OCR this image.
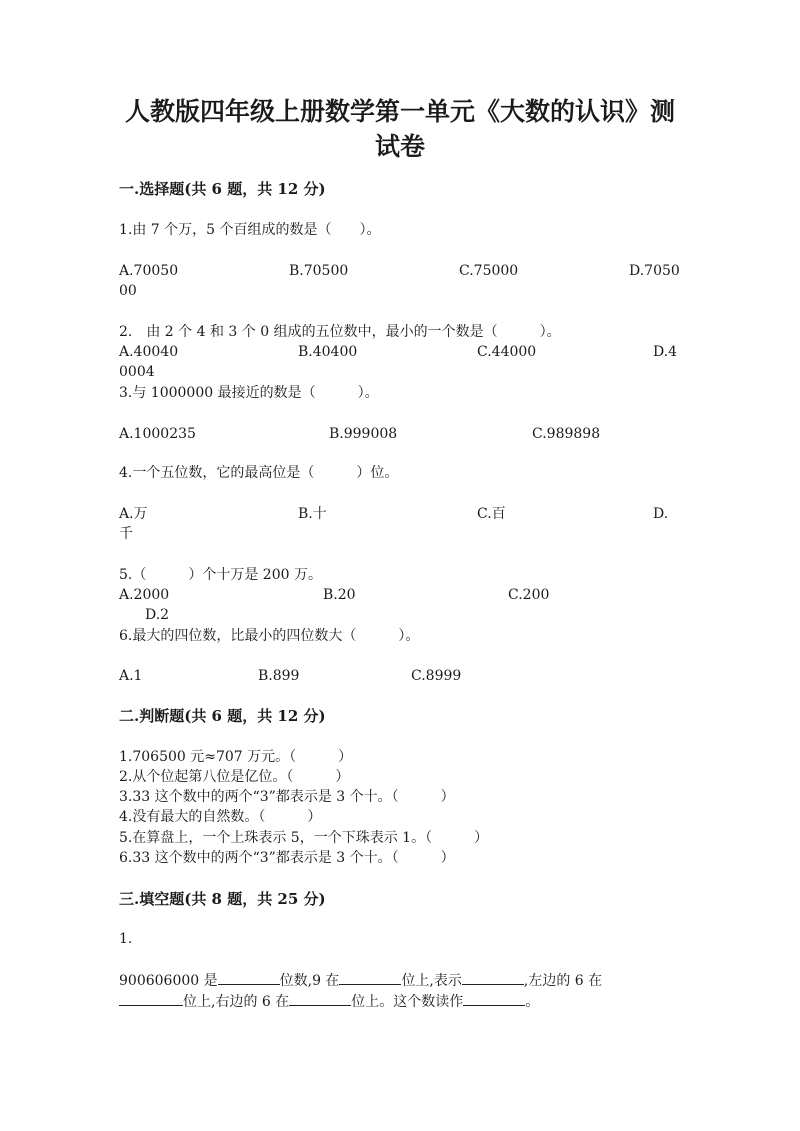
人教版四年级上册数学第一单元《大数的认识》测
试卷
一.选择题(共 6 题，共 12 分)
1.由 7 个万，5 个百组成的数是（　　）。
A.70050	B.70500	C.75000	D.7050
00
2.　由 2 个 4 和 3 个 0 组成的五位数中，最小的一个数是（　　　）。
A.40040	B.40400	C.44000	D.4
0004
3.与 1000000 最接近的数是（　　　）。
A.1000235	B.999008	C.989898
4.一个五位数，它的最高位是（　　　）位。
A.万	B.十	C.百	D.
千
5.（　　　）个十万是 200 万。
A.2000	B.20	C.200
D.2
6.最大的四位数，比最小的四位数大（　　　）。
A.1	B.899	C.8999
二.判断题(共 6 题，共 12 分)
1.706500 元≈707 万元。（　　　）
2.从个位起第八位是亿位。（　　　）
3.33 这个数中的两个“3”都表示是 3 个十。（　　　）
4.没有最大的自然数。（　　　）
5.在算盘上，一个上珠表示 5，一个下珠表示 1。（　　　）
6.33 这个数中的两个“3”都表示是 3 个十。（　　　）
三.填空题(共 8 题，共 25 分)
1.
900606000 是	位数,9 在	位上,表示	,左边的 6 在
位上,右边的 6 在	位上。这个数读作	。
